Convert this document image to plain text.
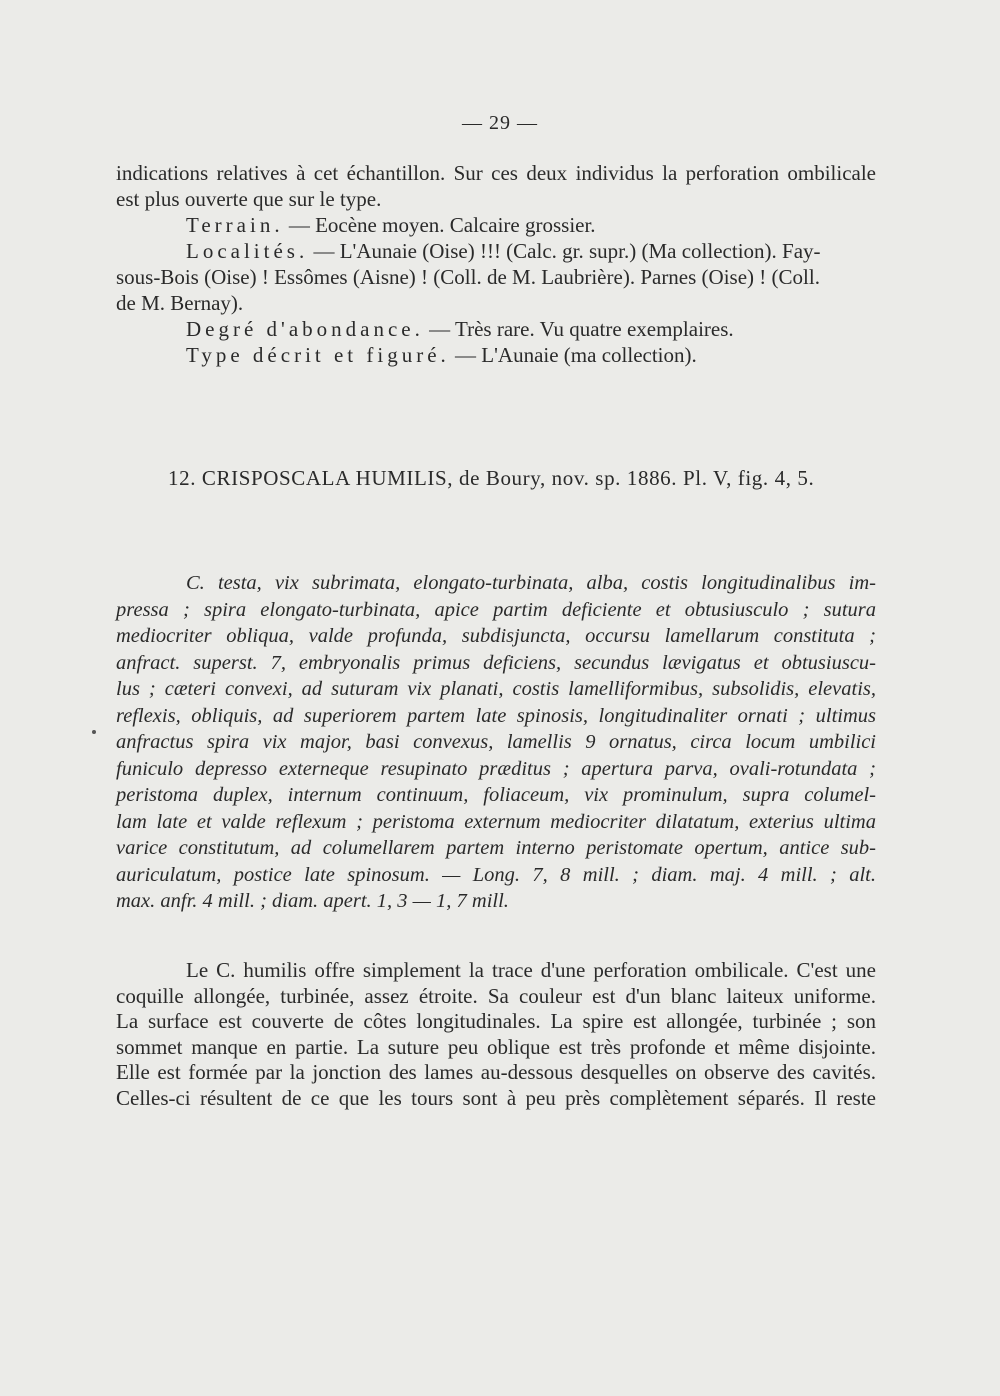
— 29 —
indications relatives à cet échantillon. Sur ces deux individus la perforation ombilicale
est plus ouverte que sur le type.
Terrain. — Eocène moyen. Calcaire grossier.
Localités. — L'Aunaie (Oise) !!! (Calc. gr. supr.) (Ma collection). Fay-
sous-Bois (Oise) ! Essômes (Aisne) ! (Coll. de M. Laubrière). Parnes (Oise) ! (Coll.
de M. Bernay).
Degré d'abondance. — Très rare. Vu quatre exemplaires.
Type décrit et figuré. — L'Aunaie (ma collection).
12. CRISPOSCALA HUMILIS, de Boury, nov. sp. 1886. Pl. V, fig. 4, 5.
C. testa, vix subrimata, elongato-turbinata, alba, costis longitudinalibus im-
pressa ; spira elongato-turbinata, apice partim deficiente et obtusiusculo ; sutura
mediocriter obliqua, valde profunda, subdisjuncta, occursu lamellarum constituta ;
anfract. superst. 7, embryonalis primus deficiens, secundus lævigatus et obtusiuscu-
lus ; cæteri convexi, ad suturam vix planati, costis lamelliformibus, subsolidis, elevatis,
reflexis, obliquis, ad superiorem partem late spinosis, longitudinaliter ornati ; ultimus
anfractus spira vix major, basi convexus, lamellis 9 ornatus, circa locum umbilici
funiculo depresso externeque resupinato præditus ; apertura parva, ovali-rotundata ;
peristoma duplex, internum continuum, foliaceum, vix prominulum, supra columel-
lam late et valde reflexum ; peristoma externum mediocriter dilatatum, exterius ultima
varice constitutum, ad columellarem partem interno peristomate opertum, antice sub-
auriculatum, postice late spinosum. — Long. 7, 8 mill. ; diam. maj. 4 mill. ; alt.
max. anfr. 4 mill. ; diam. apert. 1, 3 — 1, 7 mill.
Le C. humilis offre simplement la trace d'une perforation ombilicale. C'est une
coquille allongée, turbinée, assez étroite. Sa couleur est d'un blanc laiteux uniforme.
La surface est couverte de côtes longitudinales. La spire est allongée, turbinée ; son
sommet manque en partie. La suture peu oblique est très profonde et même disjointe.
Elle est formée par la jonction des lames au-dessous desquelles on observe des cavités.
Celles-ci résultent de ce que les tours sont à peu près complètement séparés. Il reste
